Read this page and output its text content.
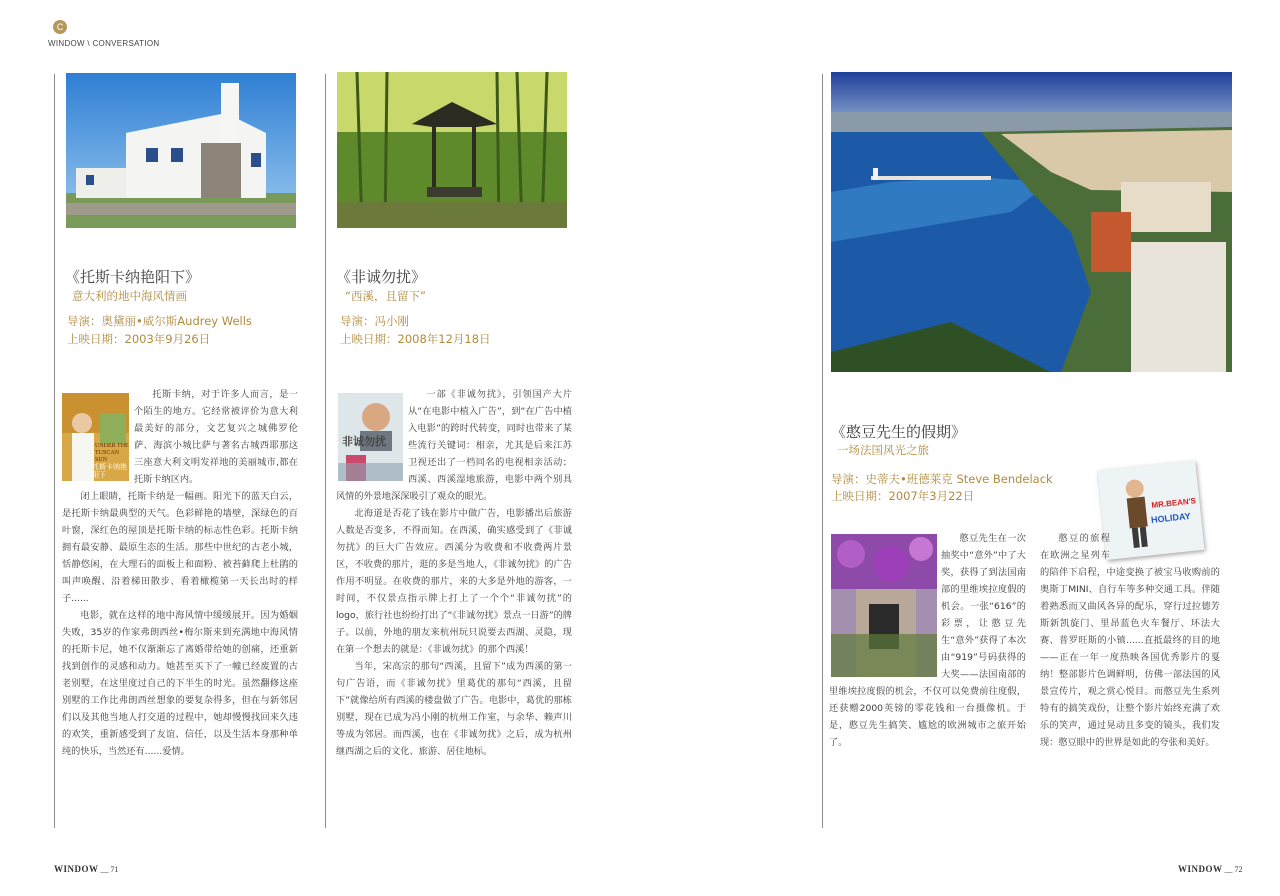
C
WINDOW \ CONVERSATION
《托斯卡纳艳阳下》
意大利的地中海风情画
导演：奥黛丽•威尔斯Audrey Wells
上映日期：2003年9月26日
UNDER THE TUSCAN SUN
托斯卡纳艳阳下

托斯卡纳，对于许多人而言，是一个陌生的地方。它经常被评价为意大利最美好的部分，文艺复兴之城佛罗伦萨、海滨小城比萨与著名古城西耶那这三座意大利文明发祥地的美丽城市,都在托斯卡纳区内。

闭上眼睛，托斯卡纳是一幅画。阳光下的蓝天白云，是托斯卡纳最典型的天气。色彩鲜艳的墙壁，深绿色的百叶窗，深红色的屋顶是托斯卡纳的标志性色彩。托斯卡纳拥有最安静、最原生态的生活。那些中世纪的古老小城，恬静悠闲，在大理石的面板上和面粉、被苔藓爬上杜鹃的叫声唤醒、沿着梯田散步、看着橄榄第一天长出时的样子......

电影，就在这样的地中海风情中缓缓展开。因为婚姻失败，35岁的作家弗朗西丝•梅尔斯来到充满地中海风情的托斯卡尼，她不仅渐渐忘了离婚带给她的创痛，还重新找到创作的灵感和动力。她甚至买下了一幢已经废置的古老别墅，在这里度过自己的下半生的时光。虽然翻修这座别墅的工作比弗朗西丝想象的要复杂得多，但在与新邻居们以及其他当地人打交道的过程中，她却慢慢找回来久违的欢笑，重新感受到了友谊、信任，以及生活本身那种单纯的快乐，当然还有......爱情。

《非诚勿扰》
“西溪，且留下”
导演：冯小刚
上映日期：2008年12月18日
非诚勿扰

一部《非诚勿扰》，引领国产大片从“在电影中植入广告”，到“在广告中植入电影”的跨时代转变，同时也带来了某些流行关键词：相亲，尤其是后来江苏卫视还出了一档同名的电视相亲活动；西溪、西溪湿地旅游，电影中两个别具风情的外景地深深吸引了观众的眼光。

北海道是否花了钱在影片中做广告，电影播出后旅游人数是否变多，不得而知。在西溪，确实感受到了《非诚勿扰》的巨大广告效应。西溪分为收费和不收费两片景区，不收费的那片，逛的多是当地人，《非诚勿扰》的广告作用不明显。在收费的那片，来的大多是外地的游客，一时间，不仅景点指示牌上打上了一个个“非诚勿扰”的logo，旅行社也纷纷打出了“《非诚勿扰》景点一日游”的牌子。以前，外地的朋友来杭州玩只说要去西湖、灵隐，现在第一个想去的就是：《非诚勿扰》的那个西溪！

当年，宋高宗的那句“西溪，且留下”成为西溪的第一句广告语，而《非诚勿扰》里葛优的那句“西溪，且留下”就像给所有西溪的楼盘做了广告。电影中，葛优的那栋别墅，现在已成为冯小刚的杭州工作室，与余华、赖声川等成为邻居。而西溪，也在《非诚勿扰》之后，成为杭州继西湖之后的文化、旅游、居住地标。

《憨豆先生的假期》
一场法国风光之旅
导演：史蒂夫•班德莱克 Steve Bendelack
上映日期：2007年3月22日
MR.BEAN'S
HOLIDAY

憨豆先生在一次抽奖中“意外”中了大奖，获得了到法国南部的里维埃拉度假的机会。一张“616”的彩票，让憨豆先生“意外”获得了本次由“919”号码获得的大奖——法国南部的里维埃拉度假的机会，不仅可以免费前往度假，还获赠2000英镑的零花钱和一台摄像机。于是，憨豆先生搞笑、尴尬的欧洲城市之旅开始了。

憨豆的旅程在欧洲之星列车的陪伴下启程，中途变换了被宝马收购前的奥斯丁MINI、自行车等多种交通工具。伴随着熟悉而又曲风各异的配乐，穿行过拉德芳斯新凯旋门、里昂蓝色火车餐厅、环法大赛、普罗旺斯的小镇......直抵最终的目的地——正在一年一度热映各国优秀影片的戛纳！整部影片色调鲜明，仿佛一部法国的风景宣传片，观之赏心悦目。而憨豆先生系列特有的搞笑戏份，让整个影片始终充满了欢乐的笑声，通过晃动且多变的镜头，我们发现：憨豆眼中的世界是如此的夸张和美好。

WINDOW __ 71	WINDOW __ 72
